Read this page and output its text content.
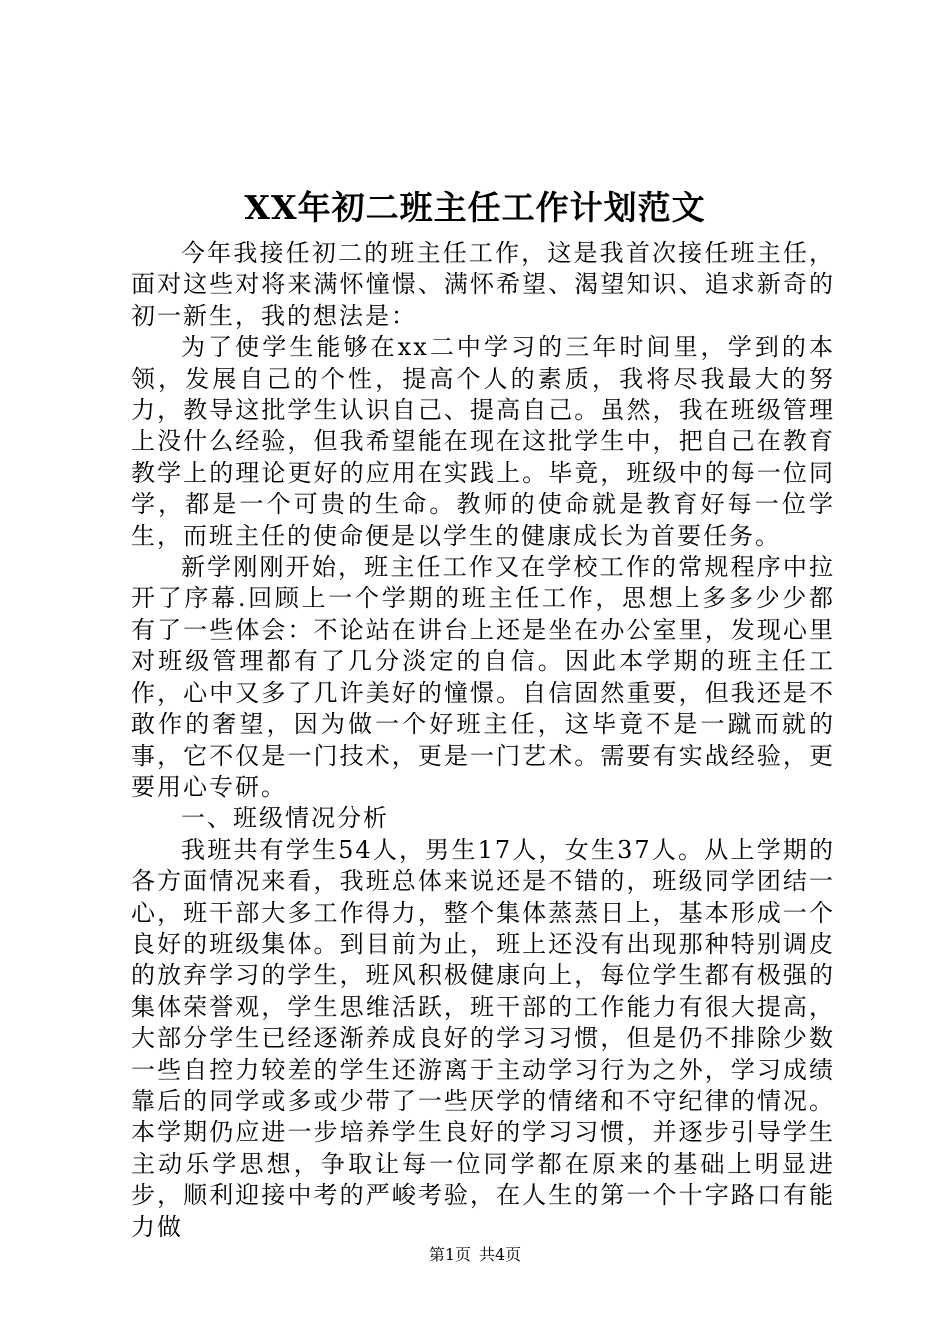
XX年初二班主任工作计划范文

今年我接任初二的班主任工作，这是我首次接任班主任，面对这些对将来满怀憧憬、满怀希望、渴望知识、追求新奇的初一新生，我的想法是：

为了使学生能够在xx二中学习的三年时间里，学到的本领，发展自己的个性，提高个人的素质，我将尽我最大的努力，教导这批学生认识自己、提高自己。虽然，我在班级管理上没什么经验，但我希望能在现在这批学生中，把自己在教育教学上的理论更好的应用在实践上。毕竟，班级中的每一位同学，都是一个可贵的生命。教师的使命就是教育好每一位学生，而班主任的使命便是以学生的健康成长为首要任务。

新学刚刚开始，班主任工作又在学校工作的常规程序中拉开了序幕.回顾上一个学期的班主任工作，思想上多多少少都有了一些体会：不论站在讲台上还是坐在办公室里，发现心里对班级管理都有了几分淡定的自信。因此本学期的班主任工作，心中又多了几许美好的憧憬。自信固然重要，但我还是不敢作的奢望，因为做一个好班主任，这毕竟不是一蹴而就的事，它不仅是一门技术，更是一门艺术。需要有实战经验，更要用心专研。

一、班级情况分析

我班共有学生54人，男生17人，女生37人。从上学期的各方面情况来看，我班总体来说还是不错的，班级同学团结一心，班干部大多工作得力，整个集体蒸蒸日上，基本形成一个良好的班级集体。到目前为止，班上还没有出现那种特别调皮的放弃学习的学生，班风积极健康向上，每位学生都有极强的集体荣誉观，学生思维活跃，班干部的工作能力有很大提高，大部分学生已经逐渐养成良好的学习习惯，但是仍不排除少数一些自控力较差的学生还游离于主动学习行为之外，学习成绩靠后的同学或多或少带了一些厌学的情绪和不守纪律的情况。本学期仍应进一步培养学生良好的学习习惯，并逐步引导学生主动乐学思想，争取让每一位同学都在原来的基础上明显进步，顺利迎接中考的严峻考验，在人生的第一个十字路口有能力做

第1页 共4页
